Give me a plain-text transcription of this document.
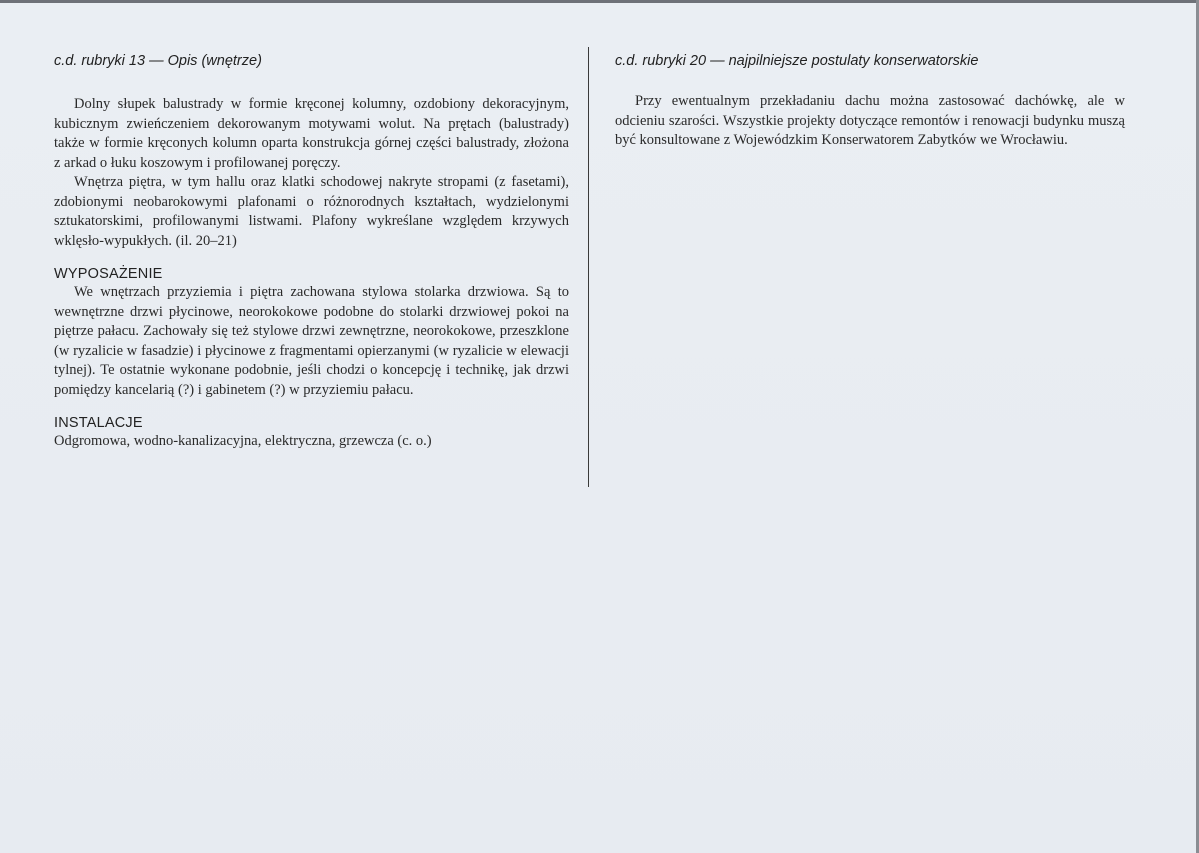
c.d. rubryki 13 — Opis (wnętrze)

Dolny słupek balustrady w formie kręconej kolumny, ozdobiony dekoracyjnym, kubicznym zwieńczeniem dekorowanym motywami wolut. Na prętach (balustrady) także w formie kręconych kolumn oparta konstrukcja górnej części balustrady, złożona z arkad o łuku koszowym i profilowanej poręczy.

Wnętrza piętra, w tym hallu oraz klatki schodowej nakryte stropami (z fasetami), zdobionymi neobarokowymi plafonami o różnorodnych kształtach, wydzielonymi sztukatorskimi, profilowanymi listwami. Plafony wykreślane względem krzywych wklęsło-wypukłych. (il. 20–21)

WYPOSAŻENIE

We wnętrzach przyziemia i piętra zachowana stylowa stolarka drzwiowa. Są to wewnętrzne drzwi płycinowe, neorokokowe podobne do stolarki drzwiowej pokoi na piętrze pałacu. Zachowały się też stylowe drzwi zewnętrzne, neorokokowe, przeszklone (w ryzalicie w fasadzie) i płycinowe z fragmentami opierzanymi (w ryzalicie w elewacji tylnej). Te ostatnie wykonane podobnie, jeśli chodzi o koncepcję i technikę, jak drzwi pomiędzy kancelarią (?) i gabinetem (?) w przyziemiu pałacu.

INSTALACJE

Odgromowa, wodno-kanalizacyjna, elektryczna, grzewcza (c. o.)

c.d. rubryki 20 — najpilniejsze postulaty konserwatorskie

Przy ewentualnym przekładaniu dachu można zastosować dachówkę, ale w odcieniu szarości. Wszystkie projekty dotyczące remontów i renowacji budynku muszą być konsultowane z Wojewódzkim Konserwatorem Zabytków we Wrocławiu.
